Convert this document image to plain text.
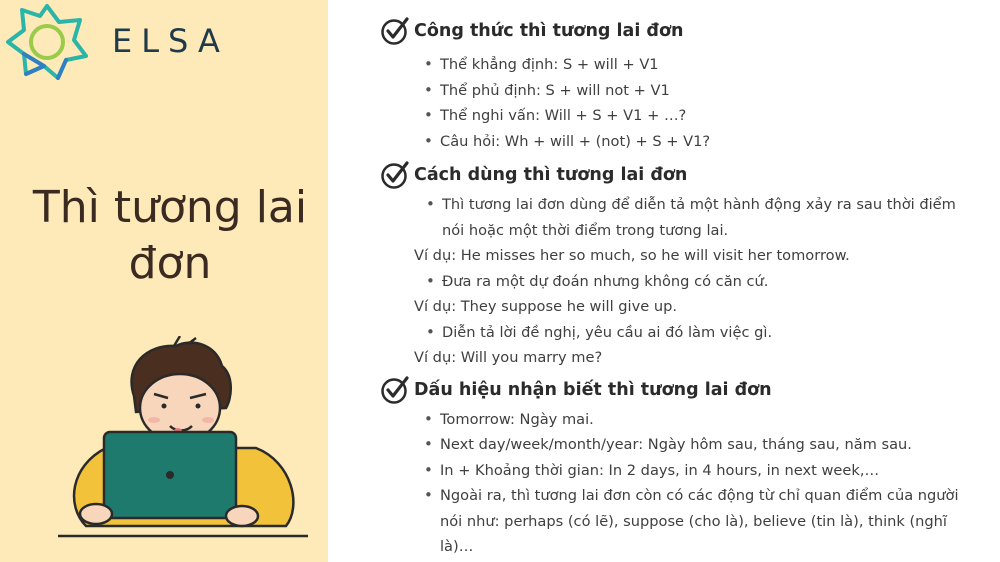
ELSA
Thì tương lai đơn
Công thức thì tương lai đơn
• Thể khẳng định: S + will + V1
• Thể phủ định: S + will not + V1
• Thể nghi vấn: Will + S + V1 + …?
• Câu hỏi: Wh + will + (not) + S + V1?
Cách dùng thì tương lai đơn
• Thì tương lai đơn dùng để diễn tả một hành động xảy ra sau thời điểm nói hoặc một thời điểm trong tương lai.
Ví dụ: He misses her so much, so he will visit her tomorrow.
• Đưa ra một dự đoán nhưng không có căn cứ.
Ví dụ: They suppose he will give up.
• Diễn tả lời đề nghị, yêu cầu ai đó làm việc gì.
Ví dụ: Will you marry me?
Dấu hiệu nhận biết thì tương lai đơn
• Tomorrow: Ngày mai.
• Next day/week/month/year: Ngày hôm sau, tháng sau, năm sau.
• In + Khoảng thời gian: In 2 days, in 4 hours, in next week,…
• Ngoài ra, thì tương lai đơn còn có các động từ chỉ quan điểm của người nói như: perhaps (có lẽ), suppose (cho là), believe (tin là), think (nghĩ là)…
